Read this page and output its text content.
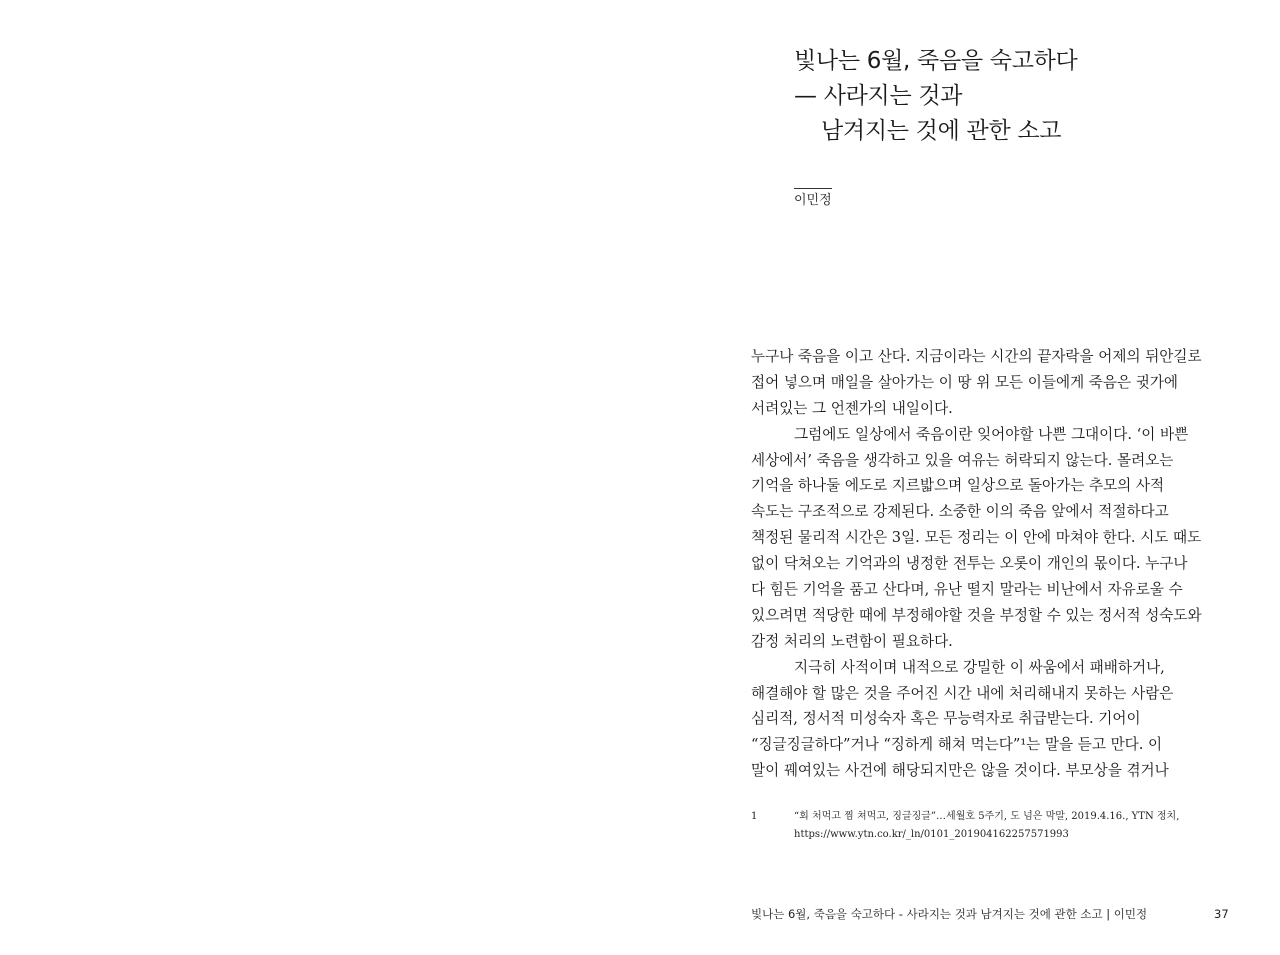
빛나는 6월, 죽음을 숙고하다
— 사라지는 것과
남겨지는 것에 관한 소고
이민정
누구나 죽음을 이고 산다. 지금이라는 시간의 끝자락을 어제의 뒤안길로
접어 넣으며 매일을 살아가는 이 땅 위 모든 이들에게 죽음은 귓가에
서려있는 그 언젠가의 내일이다.
그럼에도 일상에서 죽음이란 잊어야할 나쁜 그대이다. ‘이 바쁜
세상에서’ 죽음을 생각하고 있을 여유는 허락되지 않는다. 몰려오는
기억을 하나둘 에도로 지르밟으며 일상으로 돌아가는 추모의 사적
속도는 구조적으로 강제된다. 소중한 이의 죽음 앞에서 적절하다고
책정된 물리적 시간은 3일. 모든 정리는 이 안에 마쳐야 한다. 시도 때도
없이 닥쳐오는 기억과의 냉정한 전투는 오롯이 개인의 몫이다. 누구나
다 힘든 기억을 품고 산다며, 유난 떨지 말라는 비난에서 자유로울 수
있으려면 적당한 때에 부정해야할 것을 부정할 수 있는 정서적 성숙도와
감정 처리의 노련함이 필요하다.
지극히 사적이며 내적으로 강밀한 이 싸움에서 패배하거나,
해결해야 할 많은 것을 주어진 시간 내에 처리해내지 못하는 사람은
심리적, 정서적 미성숙자 혹은 무능력자로 취급받는다. 기어이
“징글징글하다”거나 “징하게 해쳐 먹는다”¹는 말을 듣고 만다. 이
말이 꿰여있는 사건에 해당되지만은 않을 것이다. 부모상을 겪거나
1	“회 처먹고 찜 쳐먹고, 징글징글”…세월호 5주기, 도 넘은 막말, 2019.4.16., YTN 정치,
https://www.ytn.co.kr/_ln/0101_201904162257571993
빛나는 6월, 죽음을 숙고하다 - 사라지는 것과 남겨지는 것에 관한 소고 | 이민정	37
